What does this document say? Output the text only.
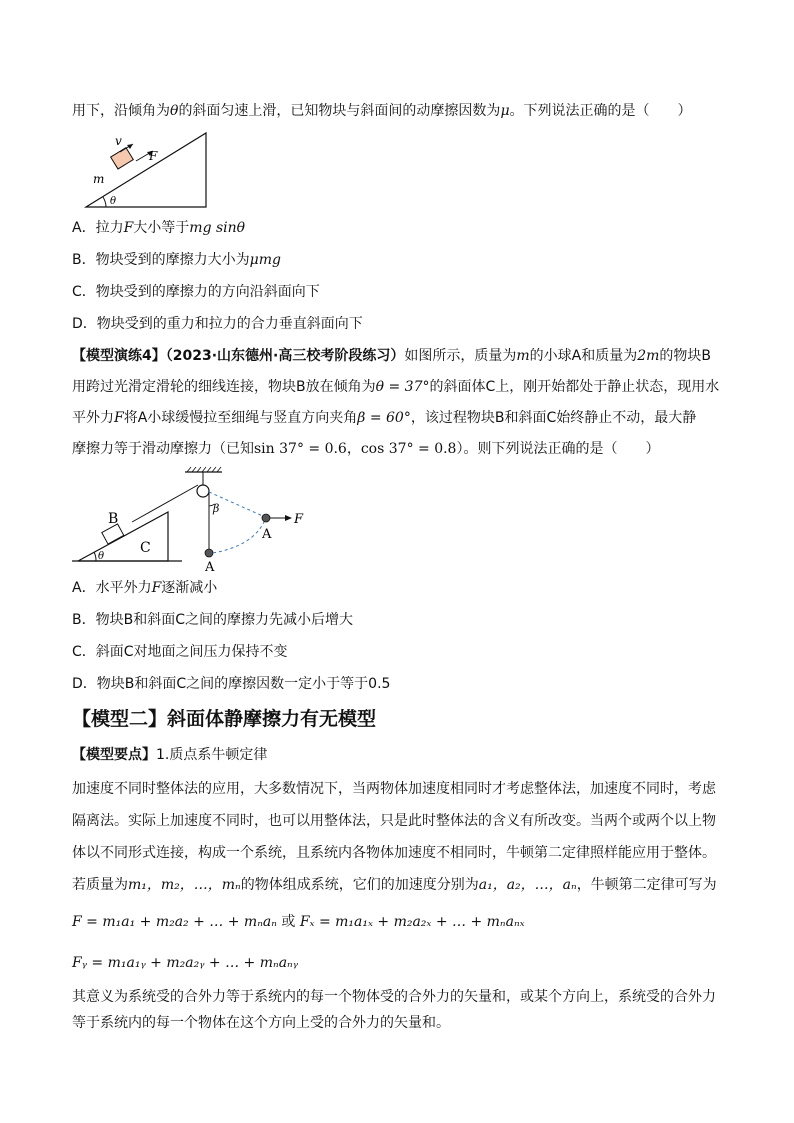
用下，沿倾角为θ的斜面匀速上滑，已知物块与斜面间的动摩擦因数为μ。下列说法正确的是（　　）
v
F
m
θ
A．拉力F大小等于mg sinθ
B．物块受到的摩擦力大小为μmg
C．物块受到的摩擦力的方向沿斜面向下
D．物块受到的重力和拉力的合力垂直斜面向下
【模型演练4】（2023·山东德州·高三校考阶段练习）如图所示，质量为m的小球A和质量为2m的物块B
用跨过光滑定滑轮的细线连接，物块B放在倾角为θ = 37°的斜面体C上，刚开始都处于静止状态，现用水
平外力F将A小球缓慢拉至细绳与竖直方向夹角β = 60°，该过程物块B和斜面C始终静止不动，最大静
摩擦力等于滑动摩擦力（已知sin 37° = 0.6，cos 37° = 0.8）。则下列说法正确的是（　　）
C
θ
B
A
β
A
F
A．水平外力F逐渐减小
B．物块B和斜面C之间的摩擦力先减小后增大
C．斜面C对地面之间压力保持不变
D．物块B和斜面C之间的摩擦因数一定小于等于0.5
【模型二】斜面体静摩擦力有无模型
【模型要点】1.质点系牛顿定律
加速度不同时整体法的应用，大多数情况下，当两物体加速度相同时才考虑整体法，加速度不同时，考虑
隔离法。实际上加速度不同时，也可以用整体法，只是此时整体法的含义有所改变。当两个或两个以上物
体以不同形式连接，构成一个系统，且系统内各物体加速度不相同时，牛顿第二定律照样能应用于整体。
若质量为m₁，m₂，…，mₙ的物体组成系统，它们的加速度分别为a₁，a₂，…，aₙ，牛顿第二定律可写为
F = m₁a₁ + m₂a₂ + … + mₙaₙ 或 Fₓ = m₁a₁ₓ + m₂a₂ₓ + … + mₙaₙₓ
Fᵧ = m₁a₁ᵧ + m₂a₂ᵧ + … + mₙaₙᵧ
其意义为系统受的合外力等于系统内的每一个物体受的合外力的矢量和，或某个方向上，系统受的合外力
等于系统内的每一个物体在这个方向上受的合外力的矢量和。
